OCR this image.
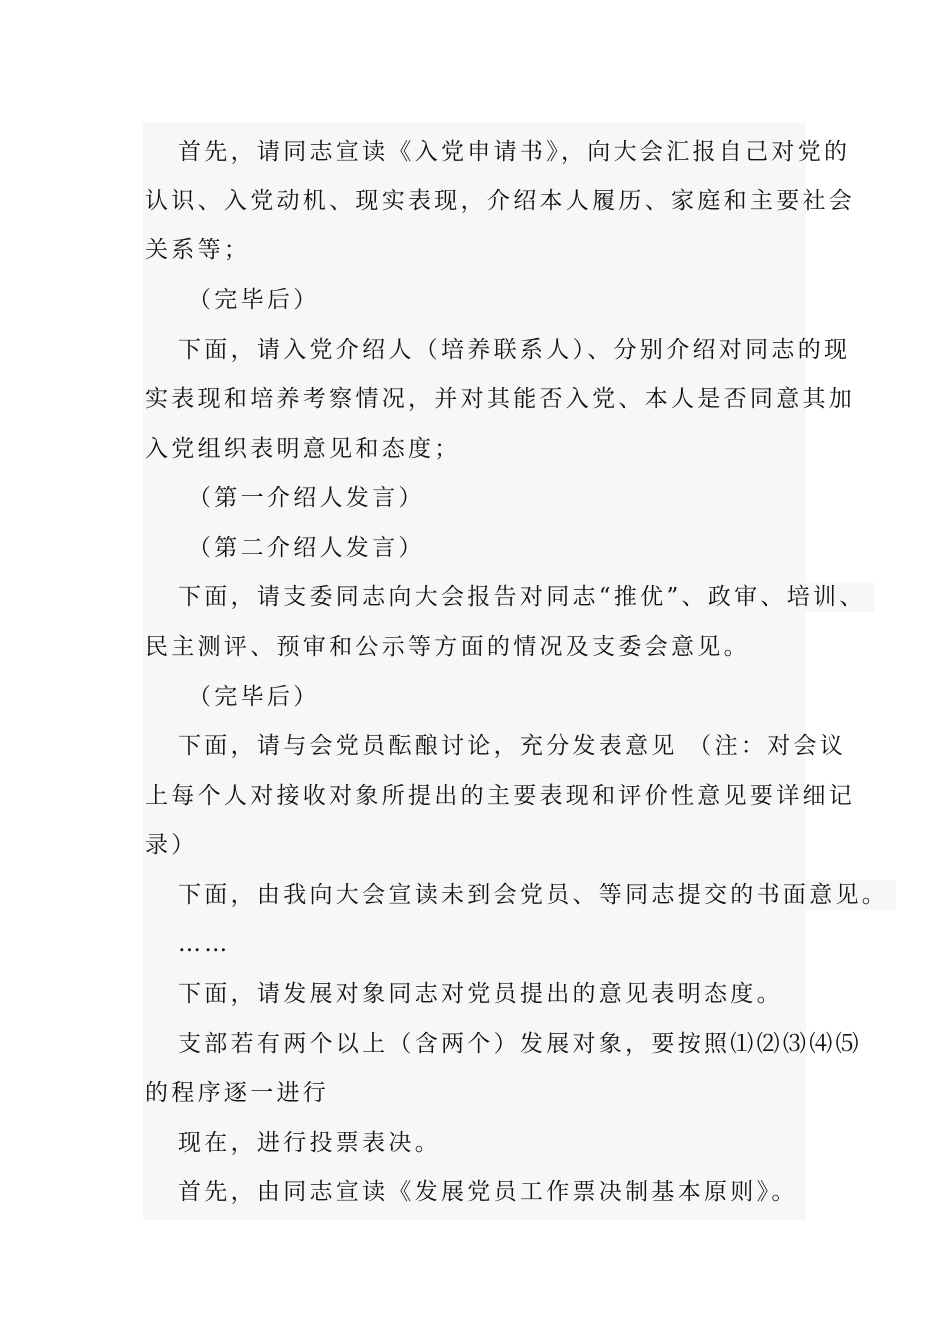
首先，请同志宣读《入党申请书》，向大会汇报自己对党的
认识、入党动机、现实表现，介绍本人履历、家庭和主要社会
关系等；
（完毕后）
下面，请入党介绍人（培养联系人）、分别介绍对同志的现
实表现和培养考察情况，并对其能否入党、本人是否同意其加
入党组织表明意见和态度；
（第一介绍人发言）
（第二介绍人发言）
下面，请支委同志向大会报告对同志“推优”、政审、培训、
民主测评、预审和公示等方面的情况及支委会意见。
（完毕后）
下面，请与会党员酝酿讨论，充分发表意见 （注：对会议
上每个人对接收对象所提出的主要表现和评价性意见要详细记
录）
下面，由我向大会宣读未到会党员、等同志提交的书面意见。
……
下面，请发展对象同志对党员提出的意见表明态度。
支部若有两个以上（含两个）发展对象，要按照⑴⑵⑶⑷⑸
的程序逐一进行
现在，进行投票表决。
首先，由同志宣读《发展党员工作票决制基本原则》。
